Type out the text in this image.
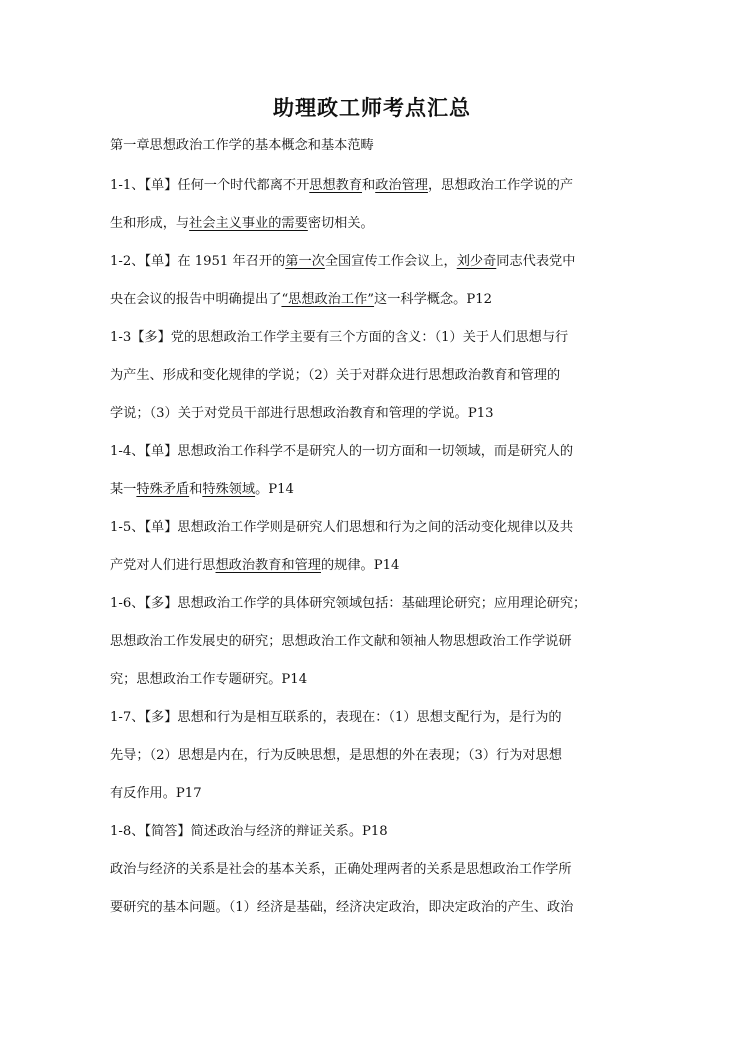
助理政工师考点汇总
第一章思想政治工作学的基本概念和基本范畴
1-1、【单】任何一个时代都离不开思想教育和政治管理，思想政治工作学说的产
生和形成，与社会主义事业的需要密切相关。
1-2、【单】在 1951 年召开的第一次全国宣传工作会议上，刘少奇同志代表党中
央在会议的报告中明确提出了“思想政治工作”这一科学概念。P12
1-3【多】党的思想政治工作学主要有三个方面的含义：（1）关于人们思想与行
为产生、形成和变化规律的学说；（2）关于对群众进行思想政治教育和管理的
学说；（3）关于对党员干部进行思想政治教育和管理的学说。P13
1-4、【单】思想政治工作科学不是研究人的一切方面和一切领域，而是研究人的
某一特殊矛盾和特殊领域。P14
1-5、【单】思想政治工作学则是研究人们思想和行为之间的活动变化规律以及共
产党对人们进行思想政治教育和管理的规律。P14
1-6、【多】思想政治工作学的具体研究领域包括：基础理论研究；应用理论研究；
思想政治工作发展史的研究；思想政治工作文献和领袖人物思想政治工作学说研
究；思想政治工作专题研究。P14
1-7、【多】思想和行为是相互联系的，表现在：（1）思想支配行为，是行为的
先导；（2）思想是内在，行为反映思想，是思想的外在表现；（3）行为对思想
有反作用。P17
1-8、【简答】简述政治与经济的辩证关系。P18
政治与经济的关系是社会的基本关系，正确处理两者的关系是思想政治工作学所
要研究的基本问题。（1）经济是基础，经济决定政治，即决定政治的产生、政治
